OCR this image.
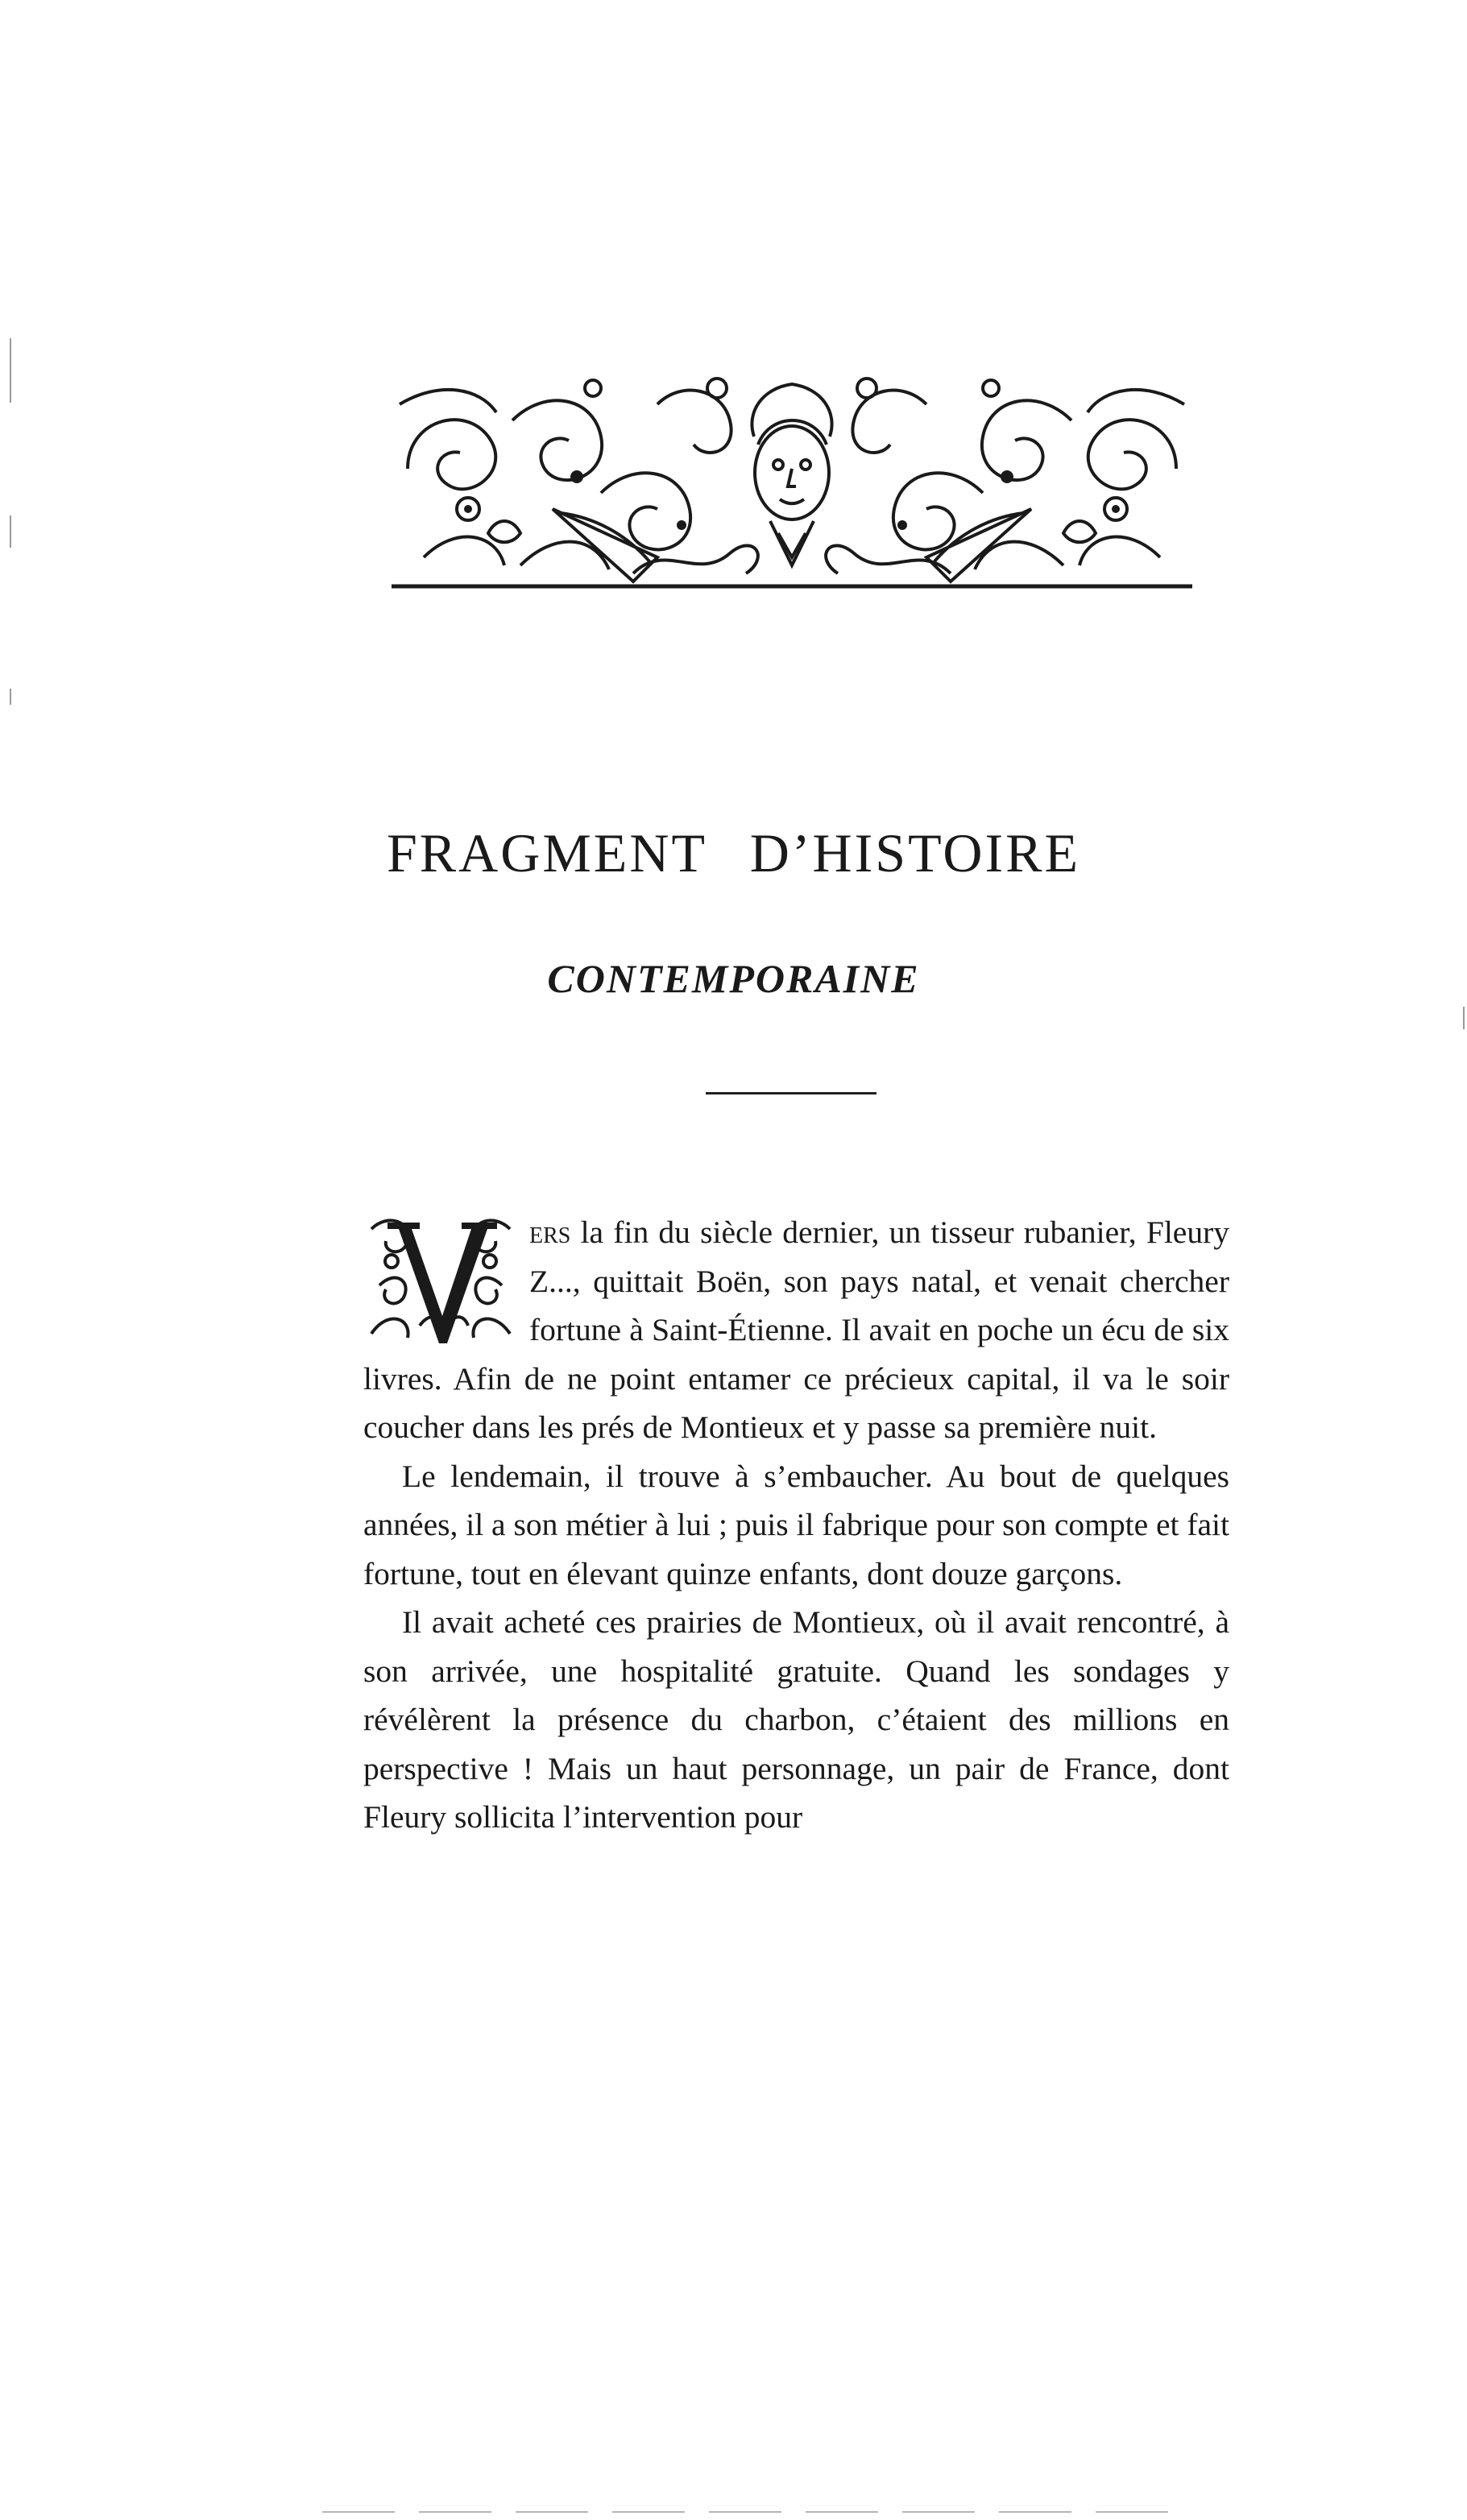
FRAGMENT D’HISTOIRE
CONTEMPORAINE

ers la fin du siècle dernier, un tisseur rubanier, Fleury Z..., quittait Boën, son pays natal, et venait chercher fortune à Saint-Étienne. Il avait en poche un écu de six livres. Afin de ne point entamer ce précieux capital, il va le soir coucher dans les prés de Montieux et y passe sa première nuit.

Le lendemain, il trouve à s’embaucher. Au bout de quelques années, il a son métier à lui ; puis il fabrique pour son compte et fait fortune, tout en élevant quinze enfants, dont douze garçons.

Il avait acheté ces prairies de Montieux, où il avait rencontré, à son arrivée, une hospitalité gratuite. Quand les sondages y révélèrent la présence du charbon, c’étaient des millions en perspective ! Mais un haut personnage, un pair de France, dont Fleury sollicita l’intervention pour
